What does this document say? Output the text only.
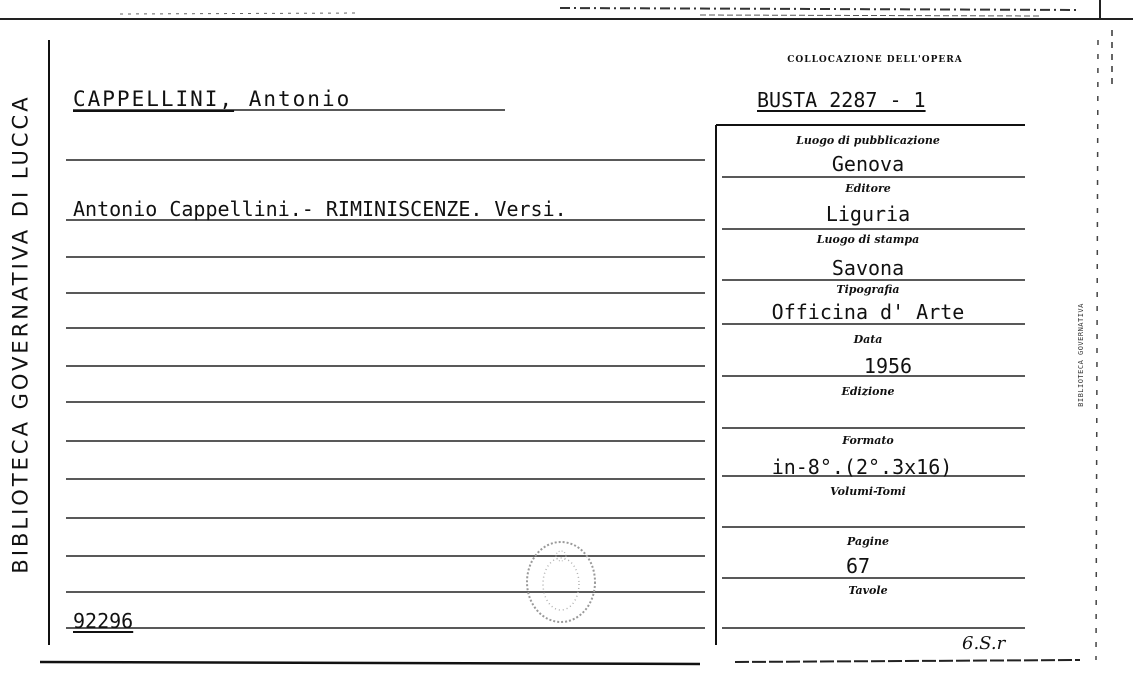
BIBLIOTECA GOVERNATIVA DI LUCCA CAPPELLINI, Antonio
Antonio Cappellini.- RIMINISCENZE. Versi.
92296
COLLOCAZIONE DELL'OPERA
BUSTA 2287 - 1
Luogo di pubblicazione
Genova
Editore
Liguria
Luogo di stampa
Savona
Tipografia
Officina d' Arte
Data
1956
Edizione
Formato
in-8°.(2°.3x16)
Volumi-Tomi
Pagine
67
Tavole
BIBLIOTECA GOVERNATIVA
6.S.r
